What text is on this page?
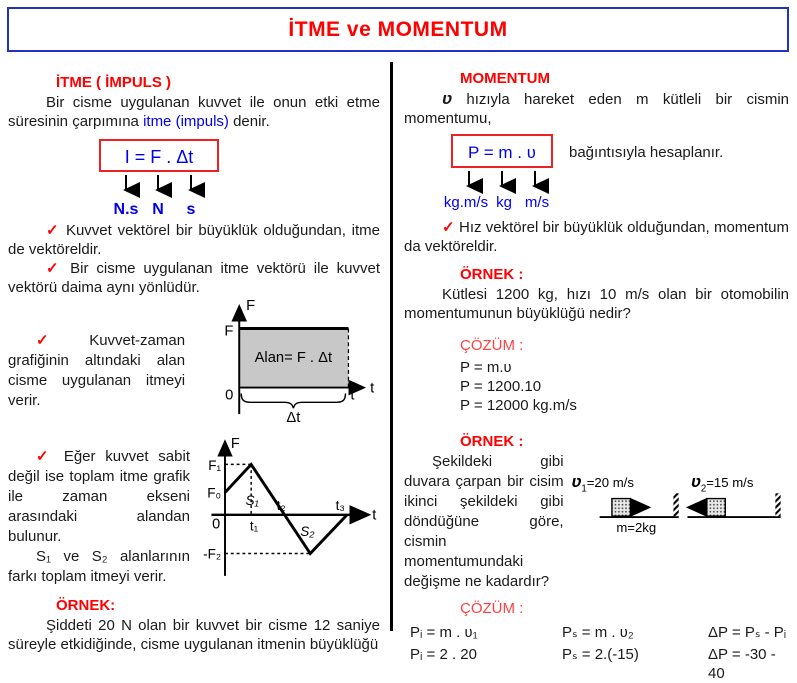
İTME ve MOMENTUM
İTME ( İMPULS )

Bir cisme uygulanan kuvvet ile onun etki etme süresinin çarpımına itme (impuls) denir.

I = F . Δt
N.s N s

✓ Kuvvet vektörel bir büyüklük olduğundan, itme de vektöreldir.

✓ Bir cisme uygulanan itme vektörü ile kuvvet vektörü daima aynı yönlüdür.

✓ Kuvvet-zaman grafiğinin altındaki alan cisme uygulanan itmeyi verir.

F
t
F
0	t
Alan= F . Δt
Δt

✓ Eğer kuvvet sabit değil ise toplam itme grafik ile zaman ekseni arasındaki alandan bulunur.

S₁ ve S₂ alanlarının farkı toplam itmeyi verir.

F
t
F₁
F₀
0 t₁
t₂	t₃
S₁
S₂
-F₂
ÖRNEK:

Şiddeti 20 N olan bir kuvvet bir cisme 12 saniye süreyle etkidiğinde, cisme uygulanan itmenin büyüklüğü

MOMENTUM

ʋ hızıyla hareket eden m kütleli bir cismin momentumu,

P = m . ʋ bağıntısıyla hesaplanır.
kg.m/s kg m/s

✓ Hız vektörel bir büyüklük olduğundan, momentum da vektöreldir.

ÖRNEK :

Kütlesi 1200 kg, hızı 10 m/s olan bir otomobilin momentumunun büyüklüğü nedir?

ÇÖZÜM :
P = m.ʋ
P = 1200.10
P = 12000 kg.m/s
ÖRNEK :

Şekildeki gibi duvara çarpan bir cisim ikinci şekildeki gibi döndüğüne göre, cismin momentumundaki değişme ne kadardır?

ʋ$_1$=20 m/s
m=2kg
ʋ$_2$=15 m/s
ÇÖZÜM :
Pᵢ = m . ʋ₁	Pₛ = m . ʋ₂	ΔP = Pₛ - Pᵢ
Pᵢ = 2 . 20	Pₛ = 2.(-15)	ΔP = -30 - 40
